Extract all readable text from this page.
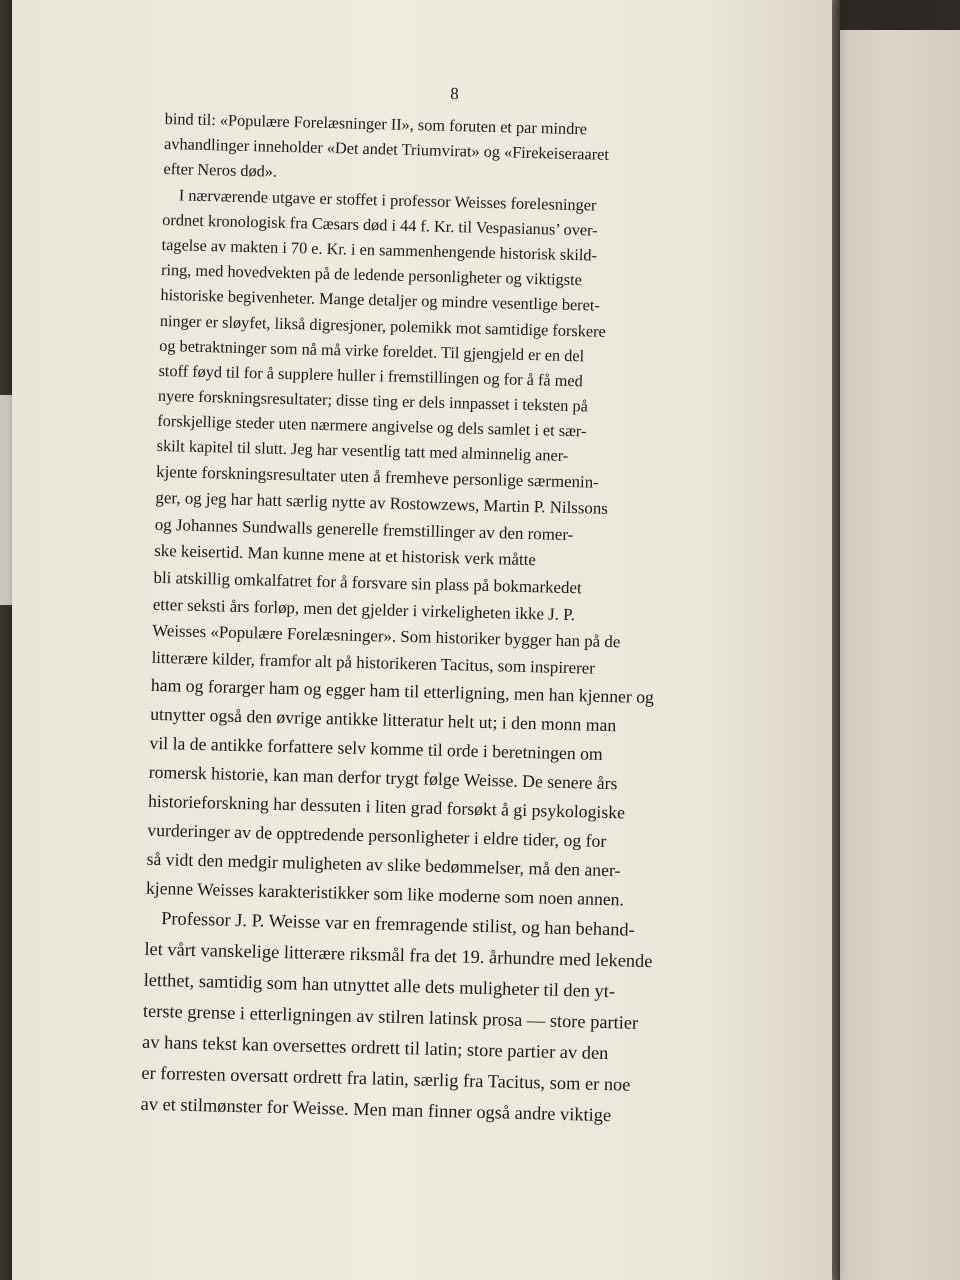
8
bind til: «Populære Forelæsninger II», som foruten et par mindre
avhandlinger inneholder «Det andet Triumvirat» og «Firekeiseraaret
efter Neros død».
I nærværende utgave er stoffet i professor Weisses forelesninger
ordnet kronologisk fra Cæsars død i 44 f. Kr. til Vespasianus’ over-
tagelse av makten i 70 e. Kr. i en sammenhengende historisk skild-
ring, med hovedvekten på de ledende personligheter og viktigste
historiske begivenheter. Mange detaljer og mindre vesentlige beret-
ninger er sløyfet, likså digresjoner, polemikk mot samtidige forskere
og betraktninger som nå må virke foreldet. Til gjengjeld er en del
stoff føyd til for å supplere huller i fremstillingen og for å få med
nyere forskningsresultater; disse ting er dels innpasset i teksten på
forskjellige steder uten nærmere angivelse og dels samlet i et sær-
skilt kapitel til slutt. Jeg har vesentlig tatt med alminnelig aner-
kjente forskningsresultater uten å fremheve personlige særmenin-
ger, og jeg har hatt særlig nytte av Rostowzews, Martin P. Nilssons
og Johannes Sundwalls generelle fremstillinger av den romer-
ske keisertid. Man kunne mene at et historisk verk måtte
bli atskillig omkalfatret for å forsvare sin plass på bokmarkedet
etter seksti års forløp, men det gjelder i virkeligheten ikke J. P.
Weisses «Populære Forelæsninger». Som historiker bygger han på de
litterære kilder, framfor alt på historikeren Tacitus, som inspirerer
ham og forarger ham og egger ham til etterligning, men han kjenner og
utnytter også den øvrige antikke litteratur helt ut; i den monn man
vil la de antikke forfattere selv komme til orde i beretningen om
romersk historie, kan man derfor trygt følge Weisse. De senere års
historieforskning har dessuten i liten grad forsøkt å gi psykologiske
vurderinger av de opptredende personligheter i eldre tider, og for
så vidt den medgir muligheten av slike bedømmelser, må den aner-
kjenne Weisses karakteristikker som like moderne som noen annen.
Professor J. P. Weisse var en fremragende stilist, og han behand-
let vårt vanskelige litterære riksmål fra det 19. århundre med lekende
letthet, samtidig som han utnyttet alle dets muligheter til den yt-
terste grense i etterligningen av stilren latinsk prosa — store partier
av hans tekst kan oversettes ordrett til latin; store partier av den
er forresten oversatt ordrett fra latin, særlig fra Tacitus, som er noe
av et stilmønster for Weisse. Men man finner også andre viktige
